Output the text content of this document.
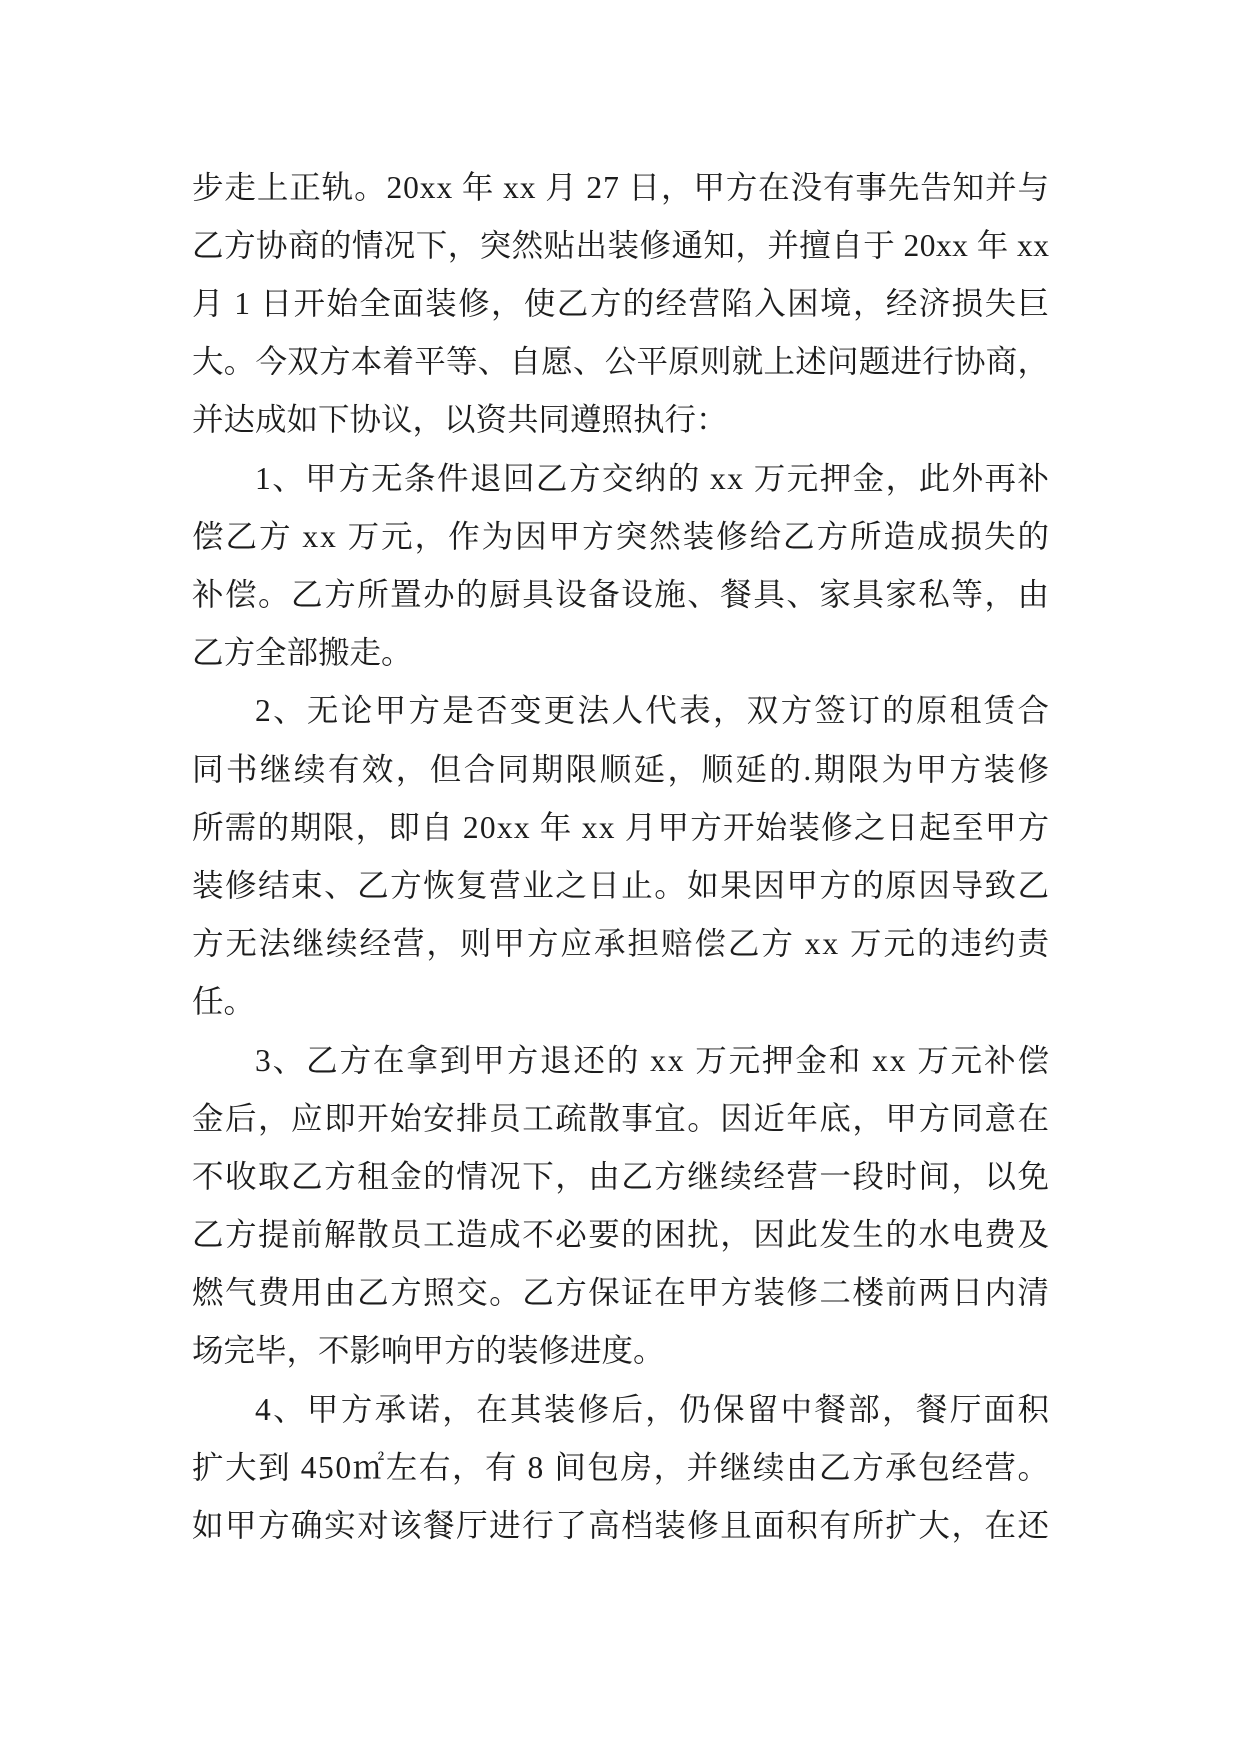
步走上正轨。20xx 年 xx 月 27 日，甲方在没有事先告知并与
乙方协商的情况下，突然贴出装修通知，并擅自于 20xx 年 xx
月 1 日开始全面装修，使乙方的经营陷入困境，经济损失巨
大。今双方本着平等、自愿、公平原则就上述问题进行协商，
并达成如下协议，以资共同遵照执行：
1、甲方无条件退回乙方交纳的 xx 万元押金，此外再补
偿乙方 xx 万元，作为因甲方突然装修给乙方所造成损失的
补偿。乙方所置办的厨具设备设施、餐具、家具家私等，由
乙方全部搬走。
2、无论甲方是否变更法人代表，双方签订的原租赁合
同书继续有效，但合同期限顺延，顺延的.期限为甲方装修
所需的期限，即自 20xx 年 xx 月甲方开始装修之日起至甲方
装修结束、乙方恢复营业之日止。如果因甲方的原因导致乙
方无法继续经营，则甲方应承担赔偿乙方 xx 万元的违约责
任。
3、乙方在拿到甲方退还的 xx 万元押金和 xx 万元补偿
金后，应即开始安排员工疏散事宜。因近年底，甲方同意在
不收取乙方租金的情况下，由乙方继续经营一段时间，以免
乙方提前解散员工造成不必要的困扰，因此发生的水电费及
燃气费用由乙方照交。乙方保证在甲方装修二楼前两日内清
场完毕，不影响甲方的装修进度。
4、甲方承诺，在其装修后，仍保留中餐部，餐厅面积
扩大到 450㎡左右，有 8 间包房，并继续由乙方承包经营。
如甲方确实对该餐厅进行了高档装修且面积有所扩大，在还
